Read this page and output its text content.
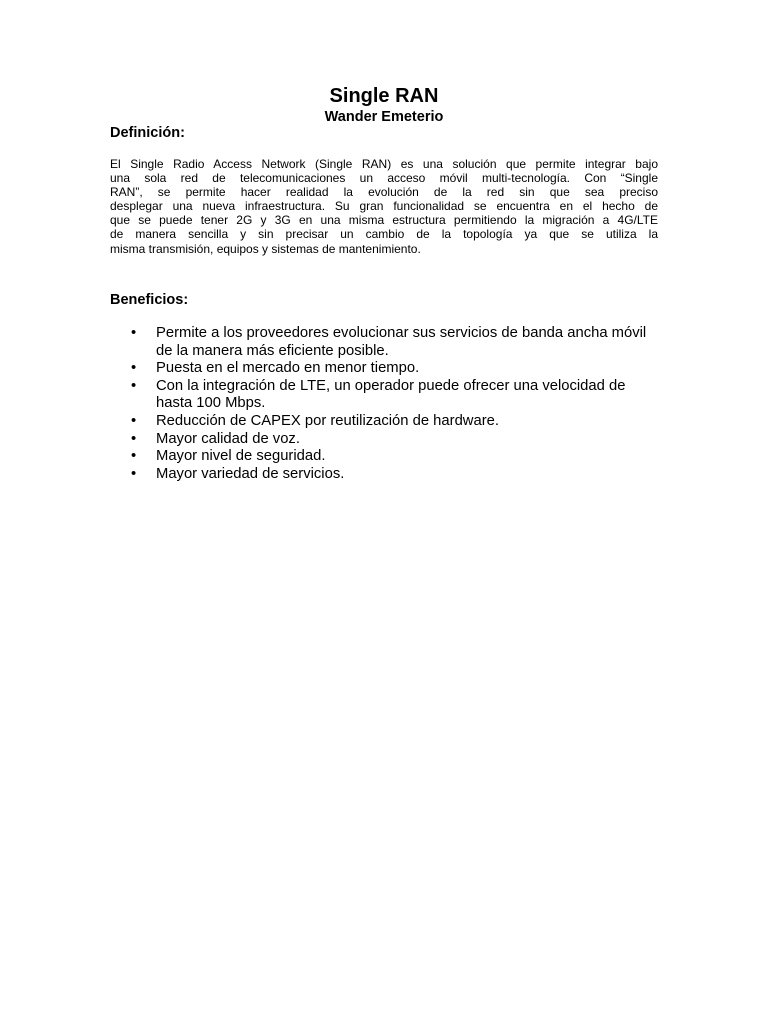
Single RAN
Wander Emeterio
Definición:

El Single Radio Access Network (Single RAN) es una solución que permite integrar bajo
una sola red de telecomunicaciones un acceso móvil multi-tecnología. Con “Single
RAN”, se permite hacer realidad la evolución de la red sin que sea preciso
desplegar una nueva infraestructura. Su gran funcionalidad se encuentra en el hecho de
que se puede tener 2G y 3G en una misma estructura permitiendo la migración a 4G/LTE
de manera sencilla y sin precisar un cambio de la topología ya que se utiliza la
misma transmisión, equipos y sistemas de mantenimiento.

Beneficios:
•	Permite a los proveedores evolucionar sus servicios de banda ancha móvil de la manera más eficiente posible.
•	Puesta en el mercado en menor tiempo.
•	Con la integración de LTE, un operador puede ofrecer una velocidad de hasta 100 Mbps.
•	Reducción de CAPEX por reutilización de hardware.
•	Mayor calidad de voz.
•	Mayor nivel de seguridad.
•	Mayor variedad de servicios.
